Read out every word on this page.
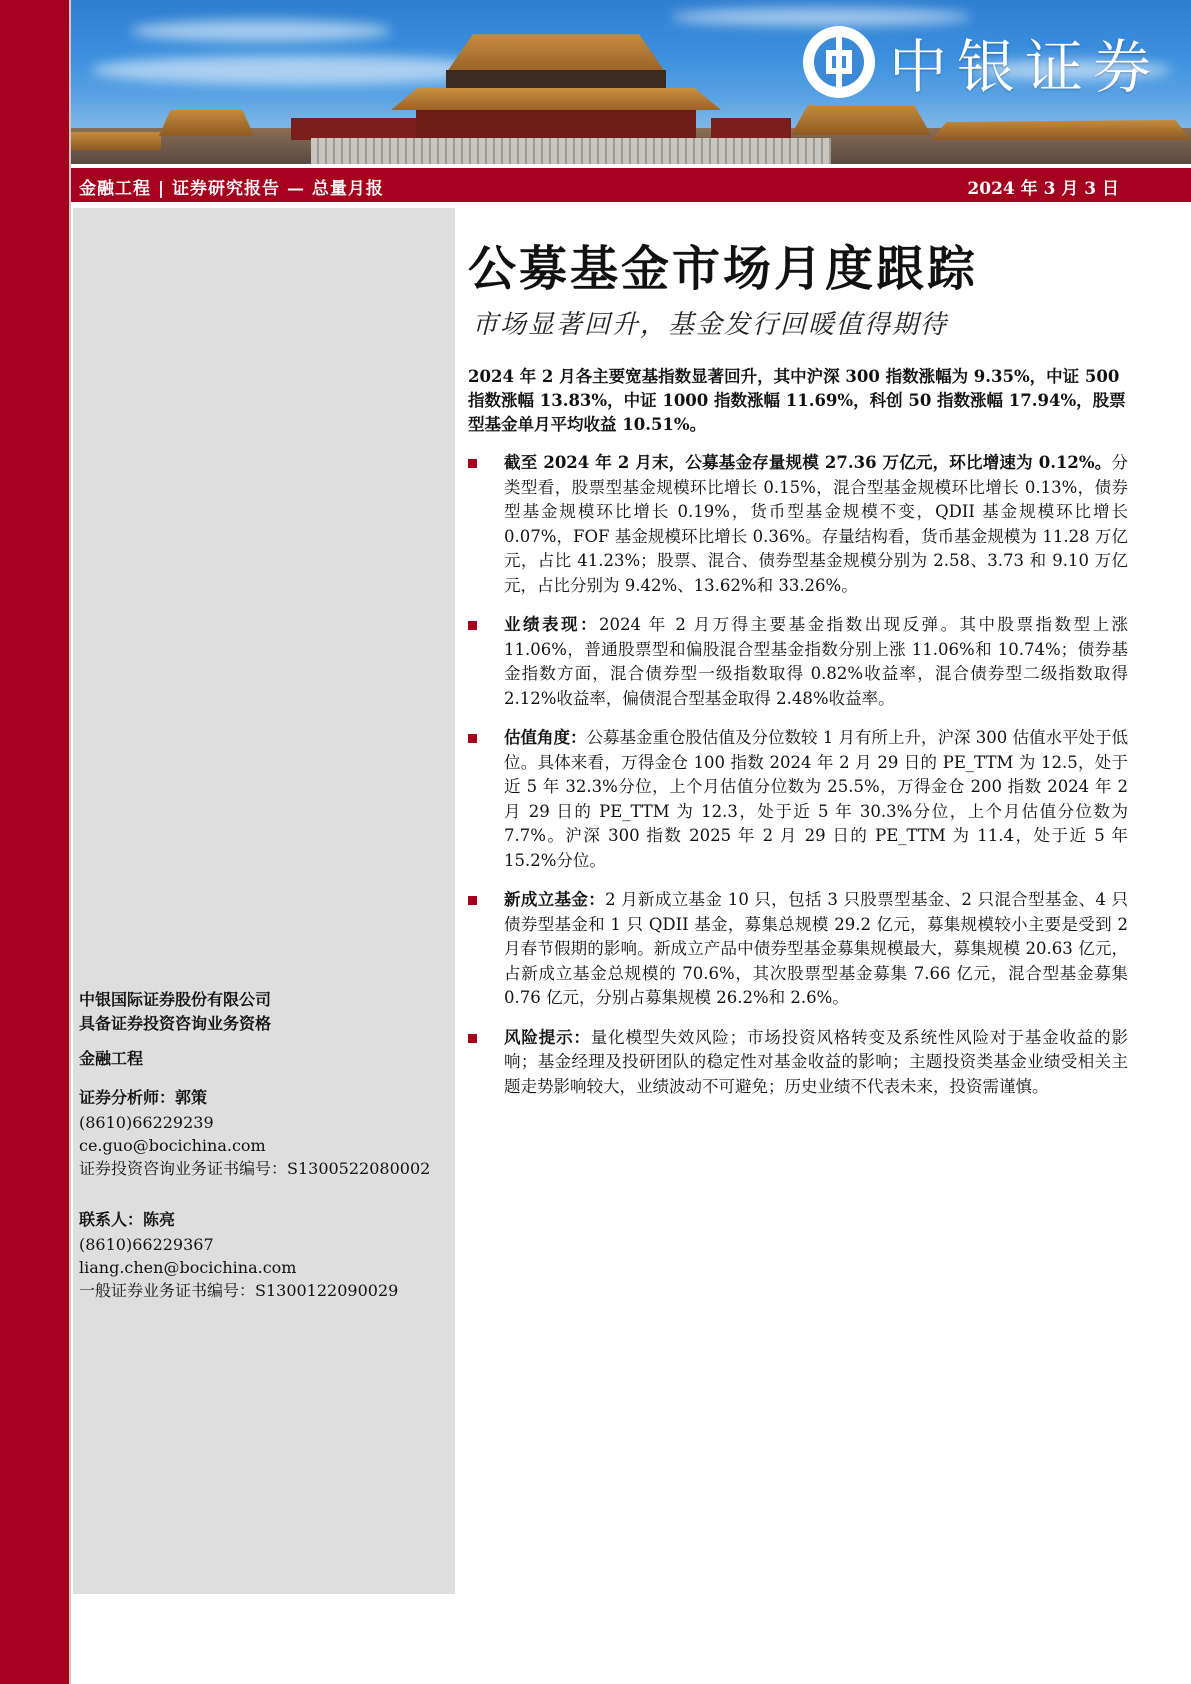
中银证券
金融工程 | 证券研究报告 — 总量月报	2024 年 3 月 3 日
中银国际证券股份有限公司
具备证券投资咨询业务资格
金融工程
证券分析师：郭策
(8610)66229239
ce.guo@bocichina.com
证券投资咨询业务证书编号：S1300522080002
联系人：陈亮
(8610)66229367
liang.chen@bocichina.com
一般证券业务证书编号：S1300122090029
公募基金市场月度跟踪
市场显著回升，基金发行回暖值得期待
2024 年 2 月各主要宽基指数显著回升，其中沪深 300 指数涨幅为 9.35%，中证 500 指数涨幅 13.83%，中证 1000 指数涨幅 11.69%，科创 50 指数涨幅 17.94%，股票型基金单月平均收益 10.51%。
截至 2024 年 2 月末，公募基金存量规模 27.36 万亿元，环比增速为 0.12%。分类型看，股票型基金规模环比增长 0.15%，混合型基金规模环比增长 0.13%，债券型基金规模环比增长 0.19%，货币型基金规模不变，QDII 基金规模环比增长 0.07%，FOF 基金规模环比增长 0.36%。存量结构看，货币基金规模为 11.28 万亿元，占比 41.23%；股票、混合、债券型基金规模分别为 2.58、3.73 和 9.10 万亿元，占比分别为 9.42%、13.62%和 33.26%。
业绩表现：2024 年 2 月万得主要基金指数出现反弹。其中股票指数型上涨 11.06%，普通股票型和偏股混合型基金指数分别上涨 11.06%和 10.74%；债券基金指数方面，混合债券型一级指数取得 0.82%收益率，混合债券型二级指数取得 2.12%收益率，偏债混合型基金取得 2.48%收益率。
估值角度：公募基金重仓股估值及分位数较 1 月有所上升，沪深 300 估值水平处于低位。具体来看，万得金仓 100 指数 2024 年 2 月 29 日的 PE_TTM 为 12.5，处于近 5 年 32.3%分位，上个月估值分位数为 25.5%，万得金仓 200 指数 2024 年 2 月 29 日的 PE_TTM 为 12.3，处于近 5 年 30.3%分位，上个月估值分位数为 7.7%。沪深 300 指数 2025 年 2 月 29 日的 PE_TTM 为 11.4，处于近 5 年 15.2%分位。
新成立基金：2 月新成立基金 10 只，包括 3 只股票型基金、2 只混合型基金、4 只债券型基金和 1 只 QDII 基金，募集总规模 29.2 亿元，募集规模较小主要是受到 2 月春节假期的影响。新成立产品中债券型基金募集规模最大，募集规模 20.63 亿元，占新成立基金总规模的 70.6%，其次股票型基金募集 7.66 亿元，混合型基金募集 0.76 亿元，分别占募集规模 26.2%和 2.6%。
风险提示：量化模型失效风险；市场投资风格转变及系统性风险对于基金收益的影响；基金经理及投研团队的稳定性对基金收益的影响；主题投资类基金业绩受相关主题走势影响较大，业绩波动不可避免；历史业绩不代表未来，投资需谨慎。
